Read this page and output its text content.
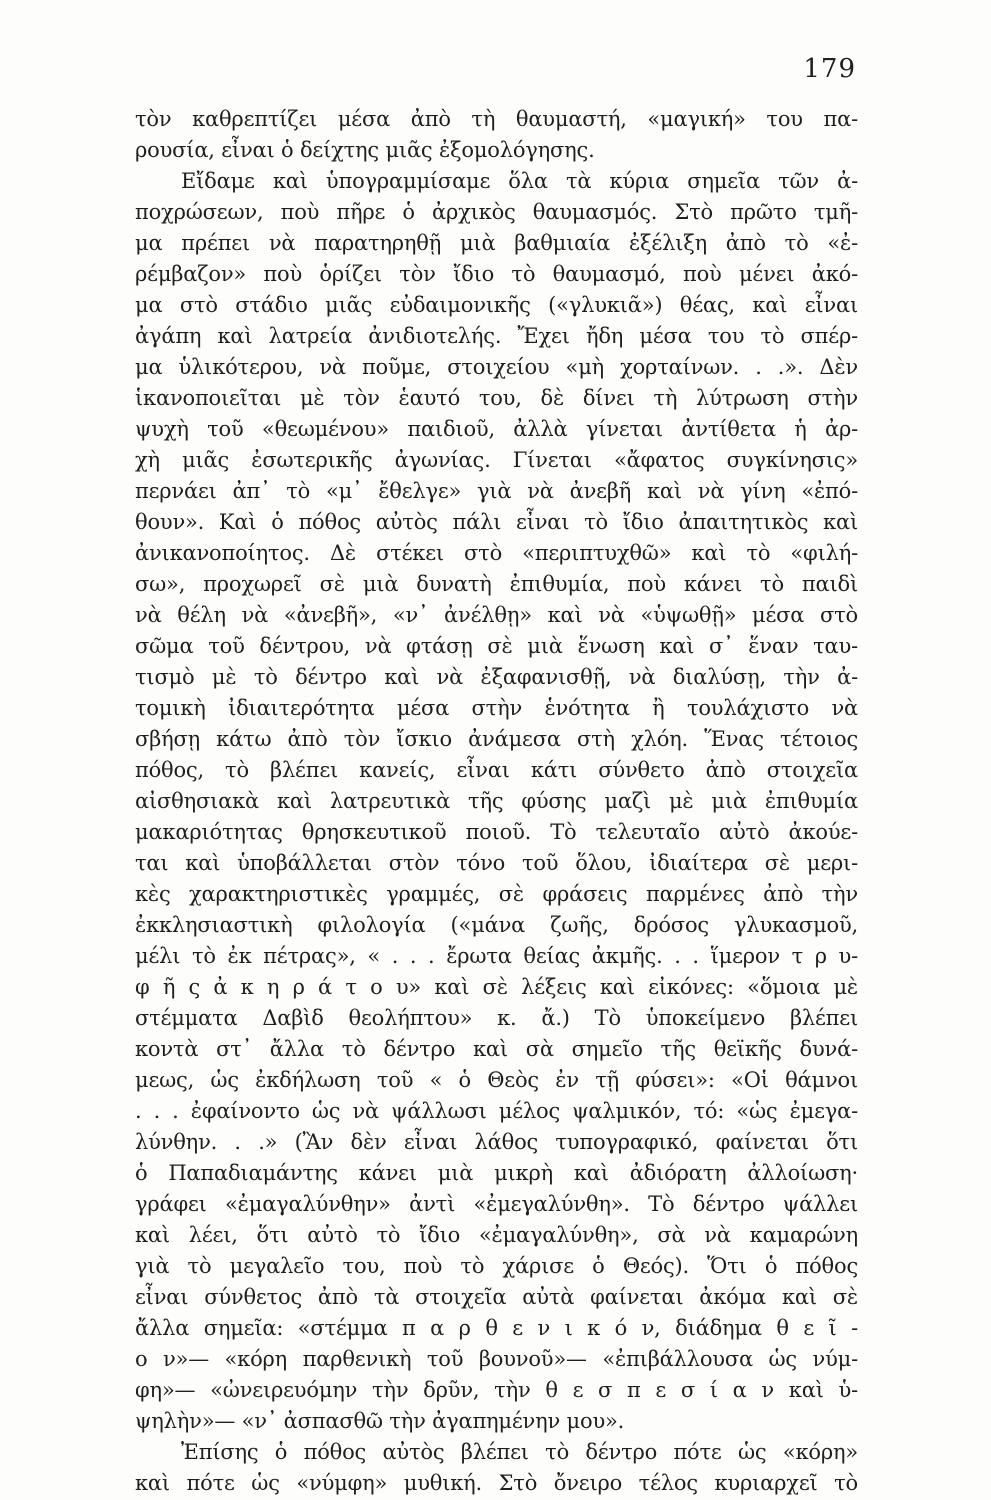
179
τὸν καθρεπτίζει μέσα ἀπὸ τὴ θαυμαστή, «μαγική» του πα-
ρουσία, εἶναι ὁ δείχτης μιᾶς ἐξομολόγησης.
Εἴδαμε καὶ ὑπογραμμίσαμε ὅλα τὰ κύρια σημεῖα τῶν ἀ-
ποχρώσεων, ποὺ πῆρε ὁ ἀρχικὸς θαυμασμός. Στὸ πρῶτο τμῆ-
μα πρέπει νὰ παρατηρηθῇ μιὰ βαθμιαία ἐξέλιξη ἀπὸ τὸ «ἐ-
ρέμβαζον» ποὺ ὁρίζει τὸν ἴδιο τὸ θαυμασμό, ποὺ μένει ἀκό-
μα στὸ στάδιο μιᾶς εὐδαιμονικῆς («γλυκιᾶ») θέας, καὶ εἶναι
ἀγάπη καὶ λατρεία ἀνιδιοτελής. Ἔχει ἤδη μέσα του τὸ σπέρ-
μα ὑλικότερου, νὰ ποῦμε, στοιχείου «μὴ χορταίνων. . .». Δὲν
ἱκανοποιεῖται μὲ τὸν ἑαυτό του, δὲ δίνει τὴ λύτρωση στὴν
ψυχὴ τοῦ «θεωμένου» παιδιοῦ, ἀλλὰ γίνεται ἀντίθετα ἡ ἀρ-
χὴ μιᾶς ἐσωτερικῆς ἀγωνίας. Γίνεται «ἄφατος συγκίνησις»
περνάει ἀπ᾽ τὸ «μ᾽ ἔθελγε» γιὰ νὰ ἀνεβῆ καὶ νὰ γίνη «ἐπό-
θουν». Καὶ ὁ πόθος αὐτὸς πάλι εἶναι τὸ ἴδιο ἀπαιτητικὸς καὶ
ἀνικανοποίητος. Δὲ στέκει στὸ «περιπτυχθῶ» καὶ τὸ «φιλή-
σω», προχωρεῖ σὲ μιὰ δυνατὴ ἐπιθυμία, ποὺ κάνει τὸ παιδὶ
νὰ θέλη νὰ «ἀνεβῆ», «ν᾽ ἀνέλθῃ» καὶ νὰ «ὑψωθῇ» μέσα στὸ
σῶμα τοῦ δέντρου, νὰ φτάσῃ σὲ μιὰ ἕνωση καὶ σ᾽ ἕναν ταυ-
τισμὸ μὲ τὸ δέντρο καὶ νὰ ἐξαφανισθῇ, νὰ διαλύσῃ, τὴν ἀ-
τομικὴ ἰδιαιτερότητα μέσα στὴν ἑνότητα ἢ τουλάχιστο νὰ
σβήσῃ κάτω ἀπὸ τὸν ἴσκιο ἀνάμεσα στὴ χλόη. Ἕνας τέτοιος
πόθος, τὸ βλέπει κανείς, εἶναι κάτι σύνθετο ἀπὸ στοιχεῖα
αἰσθησιακὰ καὶ λατρευτικὰ τῆς φύσης μαζὶ μὲ μιὰ ἐπιθυμία
μακαριότητας θρησκευτικοῦ ποιοῦ. Τὸ τελευταῖο αὐτὸ ἀκούε-
ται καὶ ὑποβάλλεται στὸν τόνο τοῦ ὅλου, ἰδιαίτερα σὲ μερι-
κὲς χαρακτηριστικὲς γραμμές, σὲ φράσεις παρμένες ἀπὸ τὴν
ἐκκλησιαστικὴ φιλολογία («μάνα ζωῆς, δρόσος γλυκασμοῦ,
μέλι τὸ ἐκ πέτρας», « . . . ἔρωτα θείας ἀκμῆς. . . ἵμερον τ ρ υ-
φ ῆ ς ἀ κ η ρ ά τ ο υ» καὶ σὲ λέξεις καὶ εἰκόνες: «ὅμοια μὲ
στέμματα Δαβὶδ θεολήπτου» κ. ἄ.) Τὸ ὑποκείμενο βλέπει
κοντὰ στ᾽ ἄλλα τὸ δέντρο καὶ σὰ σημεῖο τῆς θεϊκῆς δυνά-
μεως, ὡς ἐκδήλωση τοῦ « ὁ Θεὸς ἐν τῇ φύσει»: «Οἱ θάμνοι
. . . ἐφαίνοντο ὡς νὰ ψάλλωσι μέλος ψαλμικόν, τό: «ὡς ἐμεγα-
λύνθην. . .» (Ἂν δὲν εἶναι λάθος τυπογραφικό, φαίνεται ὅτι
ὁ Παπαδιαμάντης κάνει μιὰ μικρὴ καὶ ἀδιόρατη ἀλλοίωση·
γράφει «ἐμαγαλύνθην» ἀντὶ «ἐμεγαλύνθη». Τὸ δέντρο ψάλλει
καὶ λέει, ὅτι αὐτὸ τὸ ἴδιο «ἐμαγαλύνθη», σὰ νὰ καμαρώνη
γιὰ τὸ μεγαλεῖο του, ποὺ τὸ χάρισε ὁ Θεός). Ὅτι ὁ πόθος
εἶναι σύνθετος ἀπὸ τὰ στοιχεῖα αὐτὰ φαίνεται ἀκόμα καὶ σὲ
ἄλλα σημεῖα: «στέμμα π α ρ θ ε ν ι κ ό ν, διάδημα θ ε ῖ -
ο ν»— «κόρη παρθενικὴ τοῦ βουνοῦ»— «ἐπιβάλλουσα ὡς νύμ-
φη»— «ὠνειρευόμην τὴν δρῦν, τὴν θ ε σ π ε σ ί α ν καὶ ὑ-
ψηλὴν»— «ν᾽ ἀσπασθῶ τὴν ἀγαπημένην μου».
Ἐπίσης ὁ πόθος αὐτὸς βλέπει τὸ δέντρο πότε ὡς «κόρη»
καὶ πότε ὡς «νύμφη» μυθική. Στὸ ὄνειρο τέλος κυριαρχεῖ τὸ
